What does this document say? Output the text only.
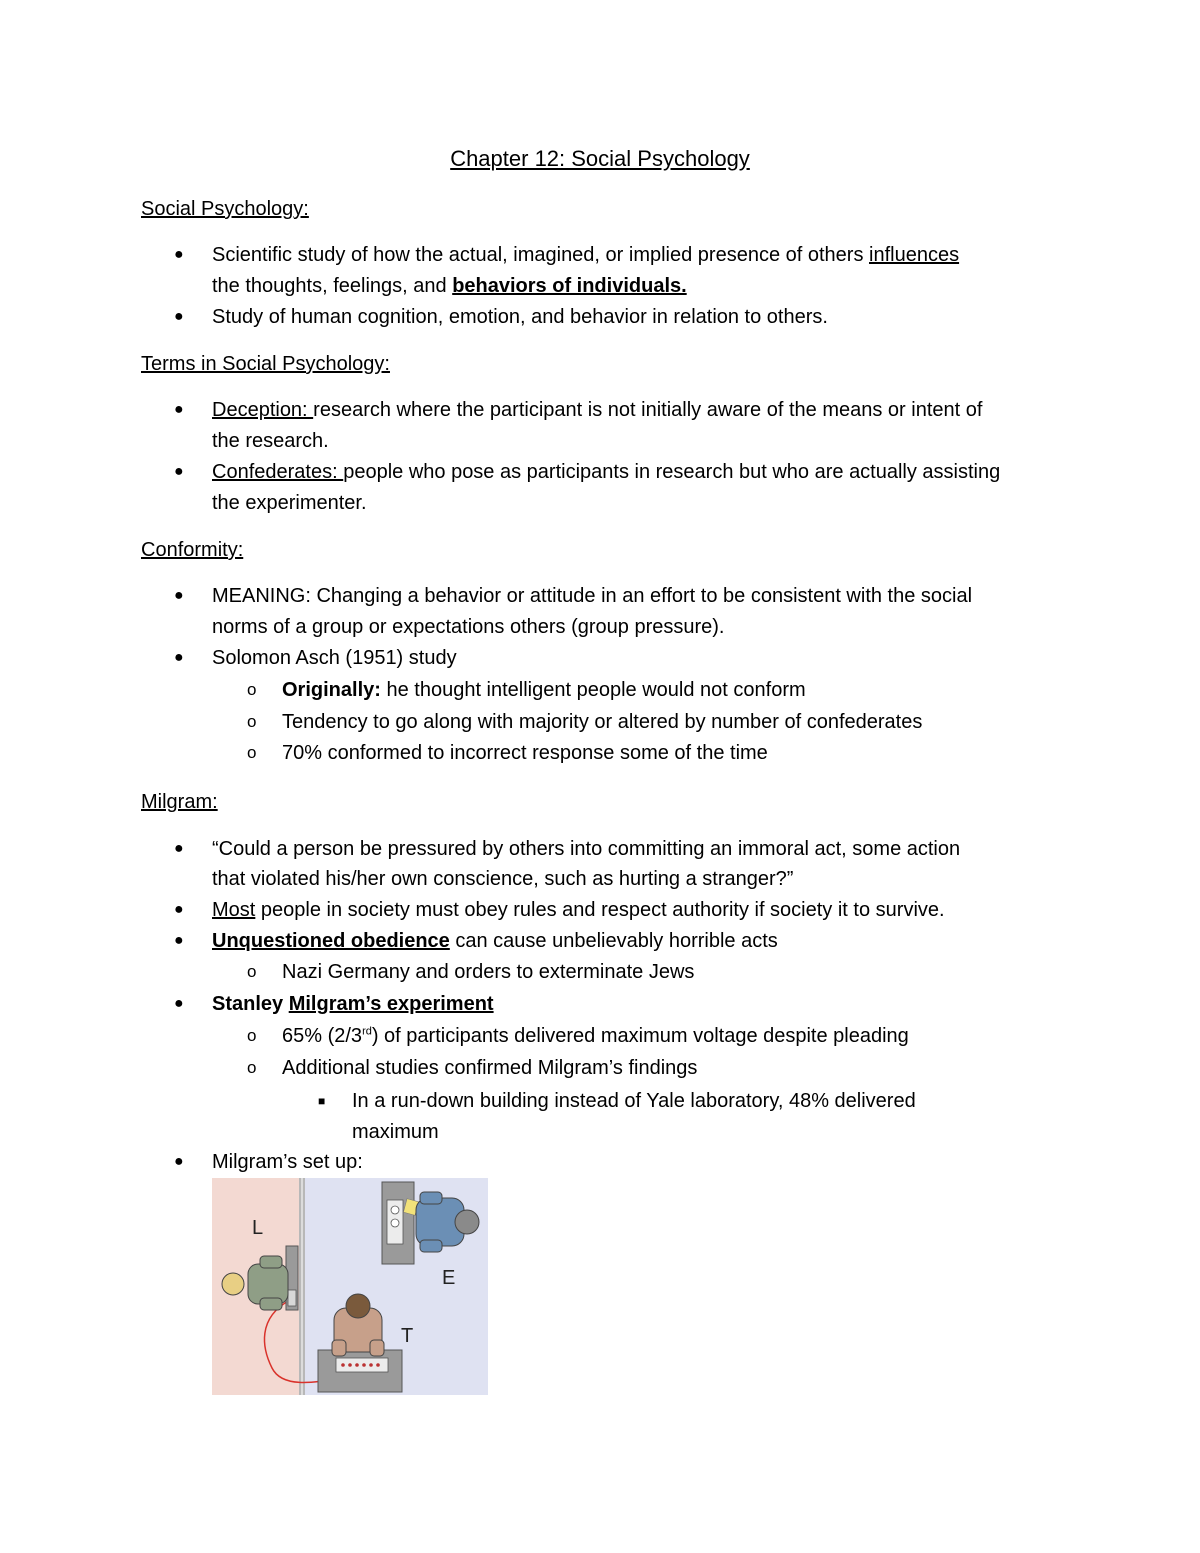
Chapter 12: Social Psychology
Social Psychology:
● Scientific study of how the actual, imagined, or implied presence of others influences
the thoughts, feelings, and behaviors of individuals.
● Study of human cognition, emotion, and behavior in relation to others.
Terms in Social Psychology:
● Deception: research where the participant is not initially aware of the means or intent of
the research.
● Confederates: people who pose as participants in research but who are actually assisting
the experimenter.
Conformity:
● MEANING: Changing a behavior or attitude in an effort to be consistent with the social
norms of a group or expectations others (group pressure).
● Solomon Asch (1951) study
o Originally: he thought intelligent people would not conform
o Tendency to go along with majority or altered by number of confederates
o 70% conformed to incorrect response some of the time
Milgram:
● “Could a person be pressured by others into committing an immoral act, some action
that violated his/her own conscience, such as hurting a stranger?”
● Most people in society must obey rules and respect authority if society it to survive.
● Unquestioned obedience can cause unbelievably horrible acts
o Nazi Germany and orders to exterminate Jews
● Stanley Milgram’s experiment
o 65% (2/3rd) of participants delivered maximum voltage despite pleading
o Additional studies confirmed Milgram’s findings
■ In a run-down building instead of Yale laboratory, 48% delivered
maximum
● Milgram’s set up:
L
E
T
